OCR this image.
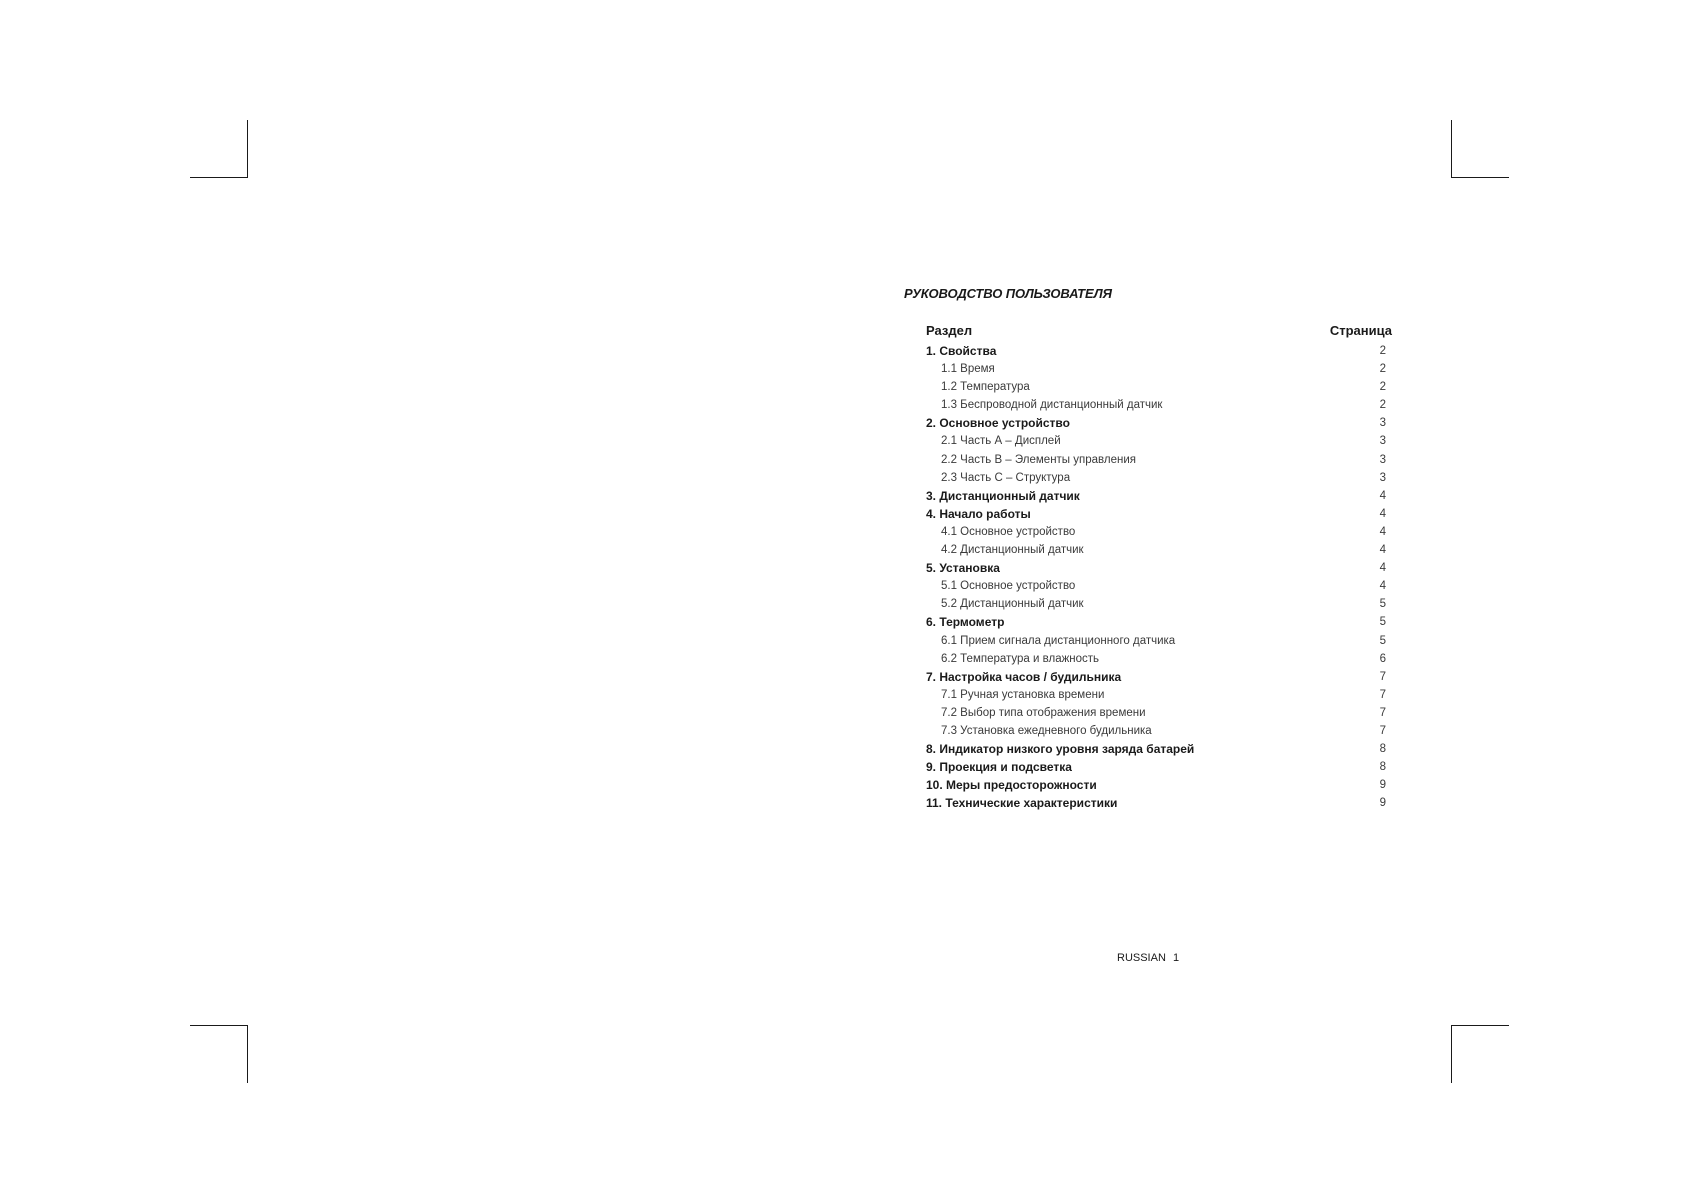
РУКОВОДСТВО ПОЛЬЗОВАТЕЛЯ
Раздел	Страница
1. Свойства	2
1.1 Время	2
1.2 Температура	2
1.3 Беспроводной дистанционный датчик	2
2. Основное устройство	3
2.1 Часть А – Дисплей	3
2.2 Часть В – Элементы управления	3
2.3 Часть С – Структура	3
3. Дистанционный датчик	4
4. Начало работы	4
4.1 Основное устройство	4
4.2 Дистанционный датчик	4
5. Установка	4
5.1 Основное устройство	4
5.2 Дистанционный датчик	5
6. Термометр	5
6.1 Прием сигнала дистанционного датчика	5
6.2 Температура и влажность	6
7. Настройка часов / будильника	7
7.1 Ручная установка времени	7
7.2 Выбор типа отображения времени	7
7.3 Установка ежедневного будильника	7
8. Индикатор низкого уровня заряда батарей	8
9. Проекция и подсветка	8
10. Меры предосторожности	9
11. Технические характеристики	9
RUSSIAN 1
